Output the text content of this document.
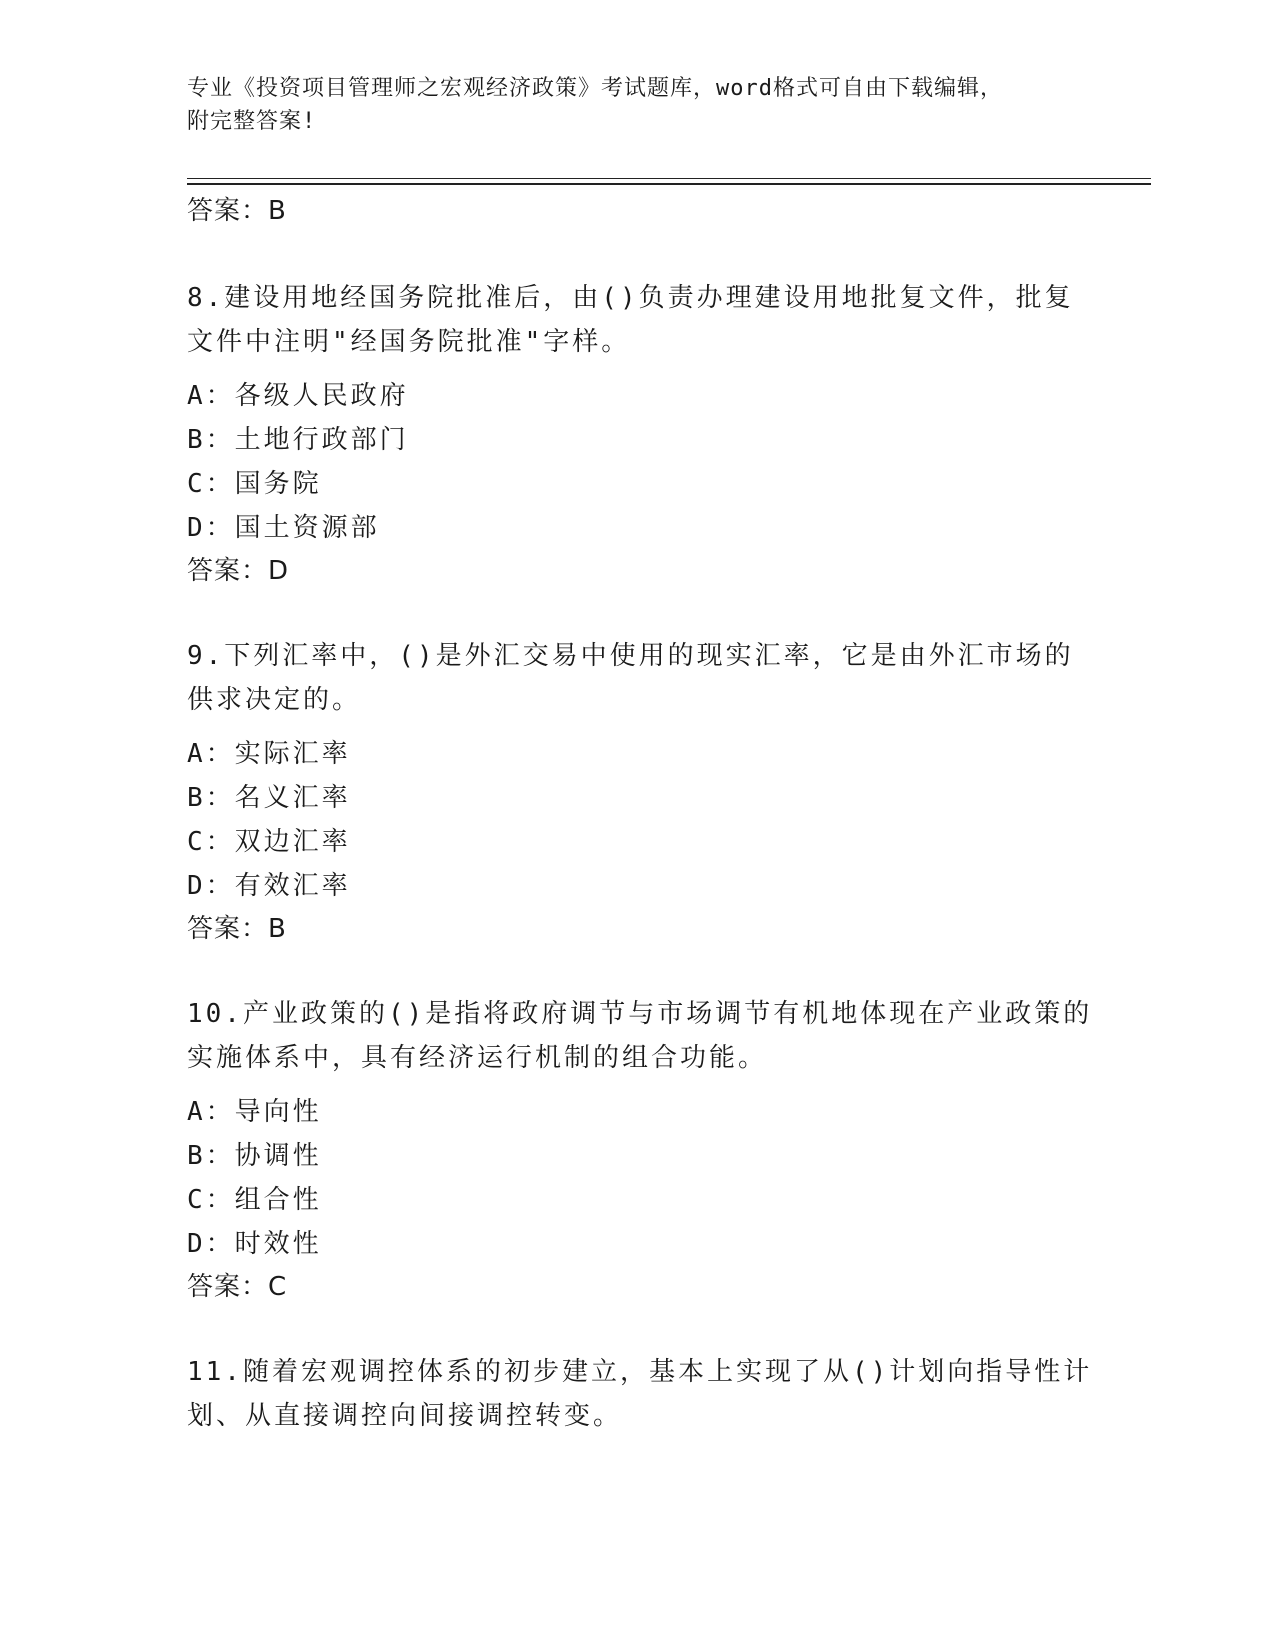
专业《投资项目管理师之宏观经济政策》考试题库，word格式可自由下载编辑，
附完整答案!
答案：B
8.建设用地经国务院批准后，由()负责办理建设用地批复文件，批复
文件中注明"经国务院批准"字样。
A：各级人民政府
B：土地行政部门
C：国务院
D：国土资源部
答案：D
9.下列汇率中，()是外汇交易中使用的现实汇率，它是由外汇市场的
供求决定的。
A：实际汇率
B：名义汇率
C：双边汇率
D：有效汇率
答案：B
10.产业政策的()是指将政府调节与市场调节有机地体现在产业政策的
实施体系中，具有经济运行机制的组合功能。
A：导向性
B：协调性
C：组合性
D：时效性
答案：C
11.随着宏观调控体系的初步建立，基本上实现了从()计划向指导性计
划、从直接调控向间接调控转变。
